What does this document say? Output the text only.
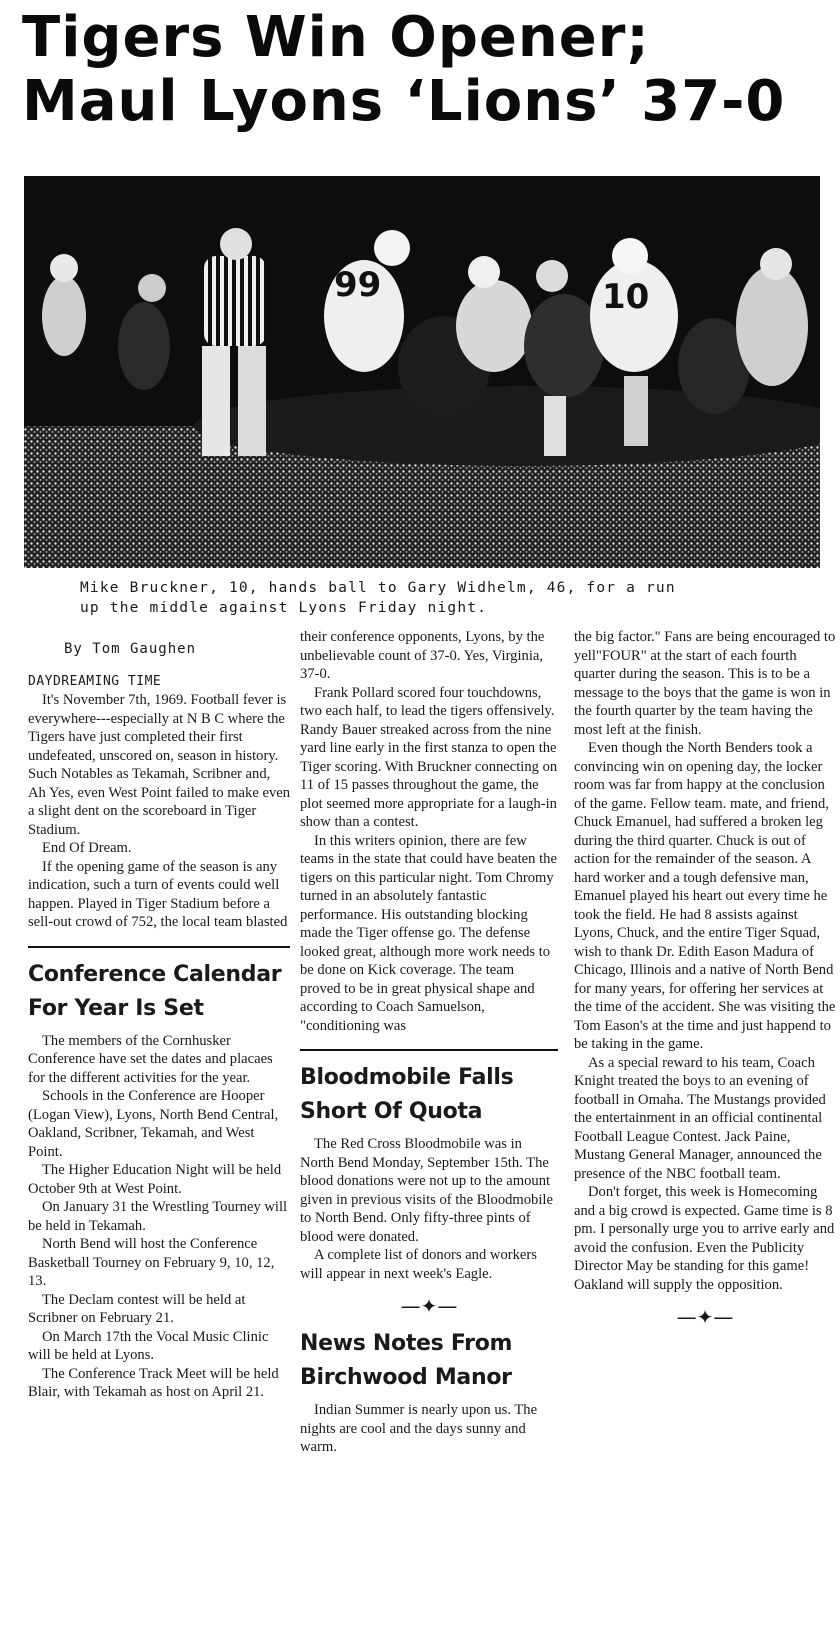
Tigers Win Opener;
Maul Lyons ‘Lions’ 37-0
99	10
Mike Bruckner, 10, hands ball to Gary Widhelm, 46, for a run
up the middle against Lyons Friday night.

By Tom Gaughen

DAYDREAMING TIME

It's November 7th, 1969. Football fever is everywhere---especially at N B C where the Tigers have just completed their first undefeated, unscored on, season in history. Such Notables as Tekamah, Scribner and, Ah Yes, even West Point failed to make even a slight dent on the scoreboard in Tiger Stadium.

End Of Dream.

If the opening game of the season is any indication, such a turn of events could well happen. Played in Tiger Stadium before a sell-out crowd of 752, the local team blasted

Conference Calendar
For Year Is Set

The members of the Cornhusker Conference have set the dates and placaes for the different activities for the year.

Schools in the Conference are Hooper (Logan View), Lyons, North Bend Central, Oakland, Scribner, Tekamah, and West Point.

The Higher Education Night will be held October 9th at West Point.

On January 31 the Wrestling Tourney will be held in Tekamah.

North Bend will host the Conference Basketball Tourney on February 9, 10, 12, 13.

The Declam contest will be held at Scribner on February 21.

On March 17th the Vocal Music Clinic will be held at Lyons.

The Conference Track Meet will be held Blair, with Tekamah as host on April 21.

their conference opponents, Lyons, by the unbelievable count of 37-0. Yes, Virginia, 37-0.

Frank Pollard scored four touchdowns, two each half, to lead the tigers offensively. Randy Bauer streaked across from the nine yard line early in the first stanza to open the Tiger scoring. With Bruckner connecting on 11 of 15 passes throughout the game, the plot seemed more appropriate for a laugh-in show than a contest.

In this writers opinion, there are few teams in the state that could have beaten the tigers on this particular night. Tom Chromy turned in an absolutely fantastic performance. His outstanding blocking made the Tiger offense go. The defense looked great, although more work needs to be done on Kick coverage. The team proved to be in great physical shape and according to Coach Samuelson, "conditioning was

Bloodmobile Falls
Short Of Quota

The Red Cross Bloodmobile was in North Bend Monday, September 15th. The blood donations were not up to the amount given in previous visits of the Bloodmobile to North Bend. Only fifty-three pints of blood were donated.

A complete list of donors and workers will appear in next week's Eagle.

—✦—

News Notes From
Birchwood Manor

Indian Summer is nearly upon us. The nights are cool and the days sunny and warm.

the big factor." Fans are being encouraged to yell"FOUR" at the start of each fourth quarter during the season. This is to be a message to the boys that the game is won in the fourth quarter by the team having the most left at the finish.

Even though the North Benders took a convincing win on opening day, the locker room was far from happy at the conclusion of the game. Fellow team. mate, and friend, Chuck Emanuel, had suffered a broken leg during the third quarter. Chuck is out of action for the remainder of the season. A hard worker and a tough defensive man, Emanuel played his heart out every time he took the field. He had 8 assists against Lyons, Chuck, and the entire Tiger Squad, wish to thank Dr. Edith Eason Madura of Chicago, Illinois and a native of North Bend for many years, for offering her services at the time of the accident. She was visiting the Tom Eason's at the time and just happend to be taking in the game.

As a special reward to his team, Coach Knight treated the boys to an evening of football in Omaha. The Mustangs provided the entertainment in an official continental Football League Contest. Jack Paine, Mustang General Manager, announced the presence of the NBC football team.

Don't forget, this week is Homecoming and a big crowd is expected. Game time is 8 pm. I personally urge you to arrive early and avoid the confusion. Even the Publicity Director May be standing for this game! Oakland will supply the opposition.

—✦—
